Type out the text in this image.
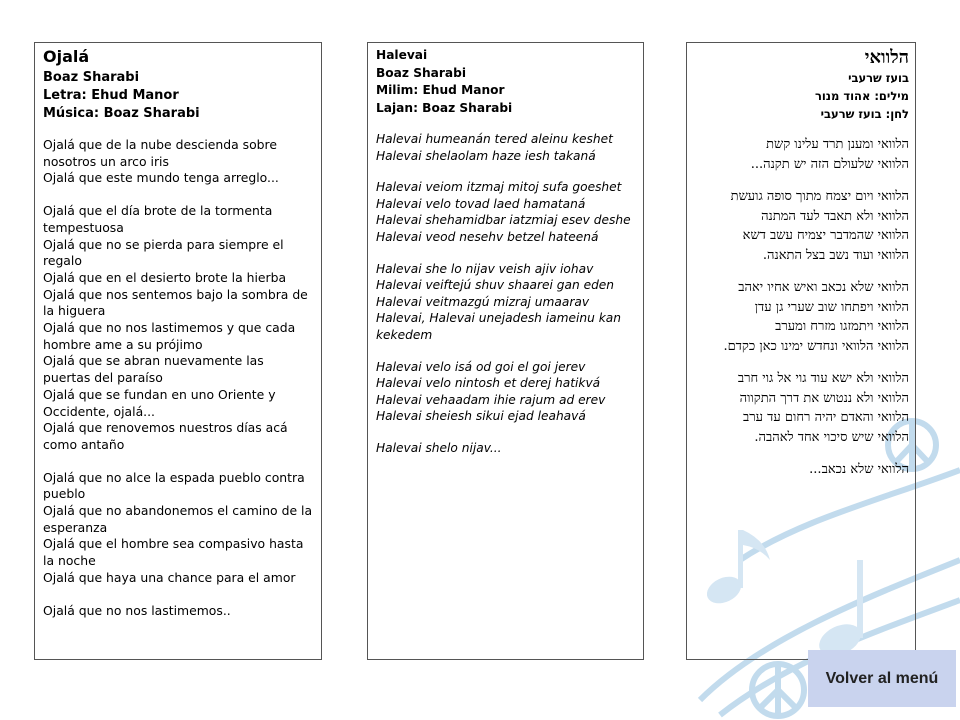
Ojalá
Boaz Sharabi
Letra: Ehud Manor
Música: Boaz Sharabi
Ojalá que de la nube descienda sobre nosotros un arco iris
Ojalá que este mundo tenga arreglo...
Ojalá que el día brote de la tormenta tempestuosa
Ojalá que no se pierda para siempre el regalo
Ojalá que en el desierto brote la hierba
Ojalá que nos sentemos bajo la sombra de la higuera
Ojalá que no nos lastimemos y que cada hombre ame a su prójimo
Ojalá que se abran nuevamente las puertas del paraíso
Ojalá que se fundan en uno Oriente y Occidente, ojalá...
Ojalá que renovemos nuestros días acá como antaño
Ojalá que no alce la espada pueblo contra pueblo
Ojalá que no abandonemos el camino de la esperanza
Ojalá que el hombre sea compasivo hasta la noche
Ojalá que haya una chance para el amor
Ojalá que no nos lastimemos..
Halevai
Boaz Sharabi
Milim: Ehud Manor
Lajan: Boaz Sharabi
Halevai humeanán tered aleinu keshet
Halevai shelaolam haze iesh takaná
Halevai veiom itzmaj mitoj sufa goeshet
Halevai velo tovad laed hamataná
Halevai shehamidbar iatzmiaj esev deshe
Halevai veod nesehv betzel hateená
Halevai she lo nijav veish ajiv iohav
Halevai veiftejú shuv shaarei gan eden
Halevai veitmazgú mizraj umaarav
Halevai, Halevai unejadesh iameinu kan kekedem
Halevai velo isá od goi el goi jerev
Halevai velo nintosh et derej hatikvá
Halevai vehaadam ihie rajum ad erev
Halevai sheiesh sikui ejad leahavá
Halevai shelo nijav...
הלוואי
בועז שרעבי
מילים: אהוד מנור
לחן: בועז שרעבי
הלוואי ומענן תרד עלינו קשת
הלוואי שלעולם הזה יש תקנה...
הלוואי ויום יצמח מתוך סופה גועשת
הלוואי ולא תאבד לעד המתנה
הלוואי שהמדבר יצמיח עשב דשא
הלוואי ועוד נשב בצל התאנה.
הלוואי שלא נכאב ואיש אחיו יאהב
הלוואי ויפתחו שוב שערי גן עדן
הלוואי ויתמזגו מזרח ומערב
הלוואי הלוואי ונחדש ימינו כאן כקדם.
הלוואי ולא ישא עוד גוי אל גוי חרב
הלוואי ולא ננטוש את דרך התקווה
הלוואי והאדם יהיה רחום עד ערב
הלוואי שיש סיכוי אחד לאהבה.
הלוואי שלא נכאב...
Volver al menú
